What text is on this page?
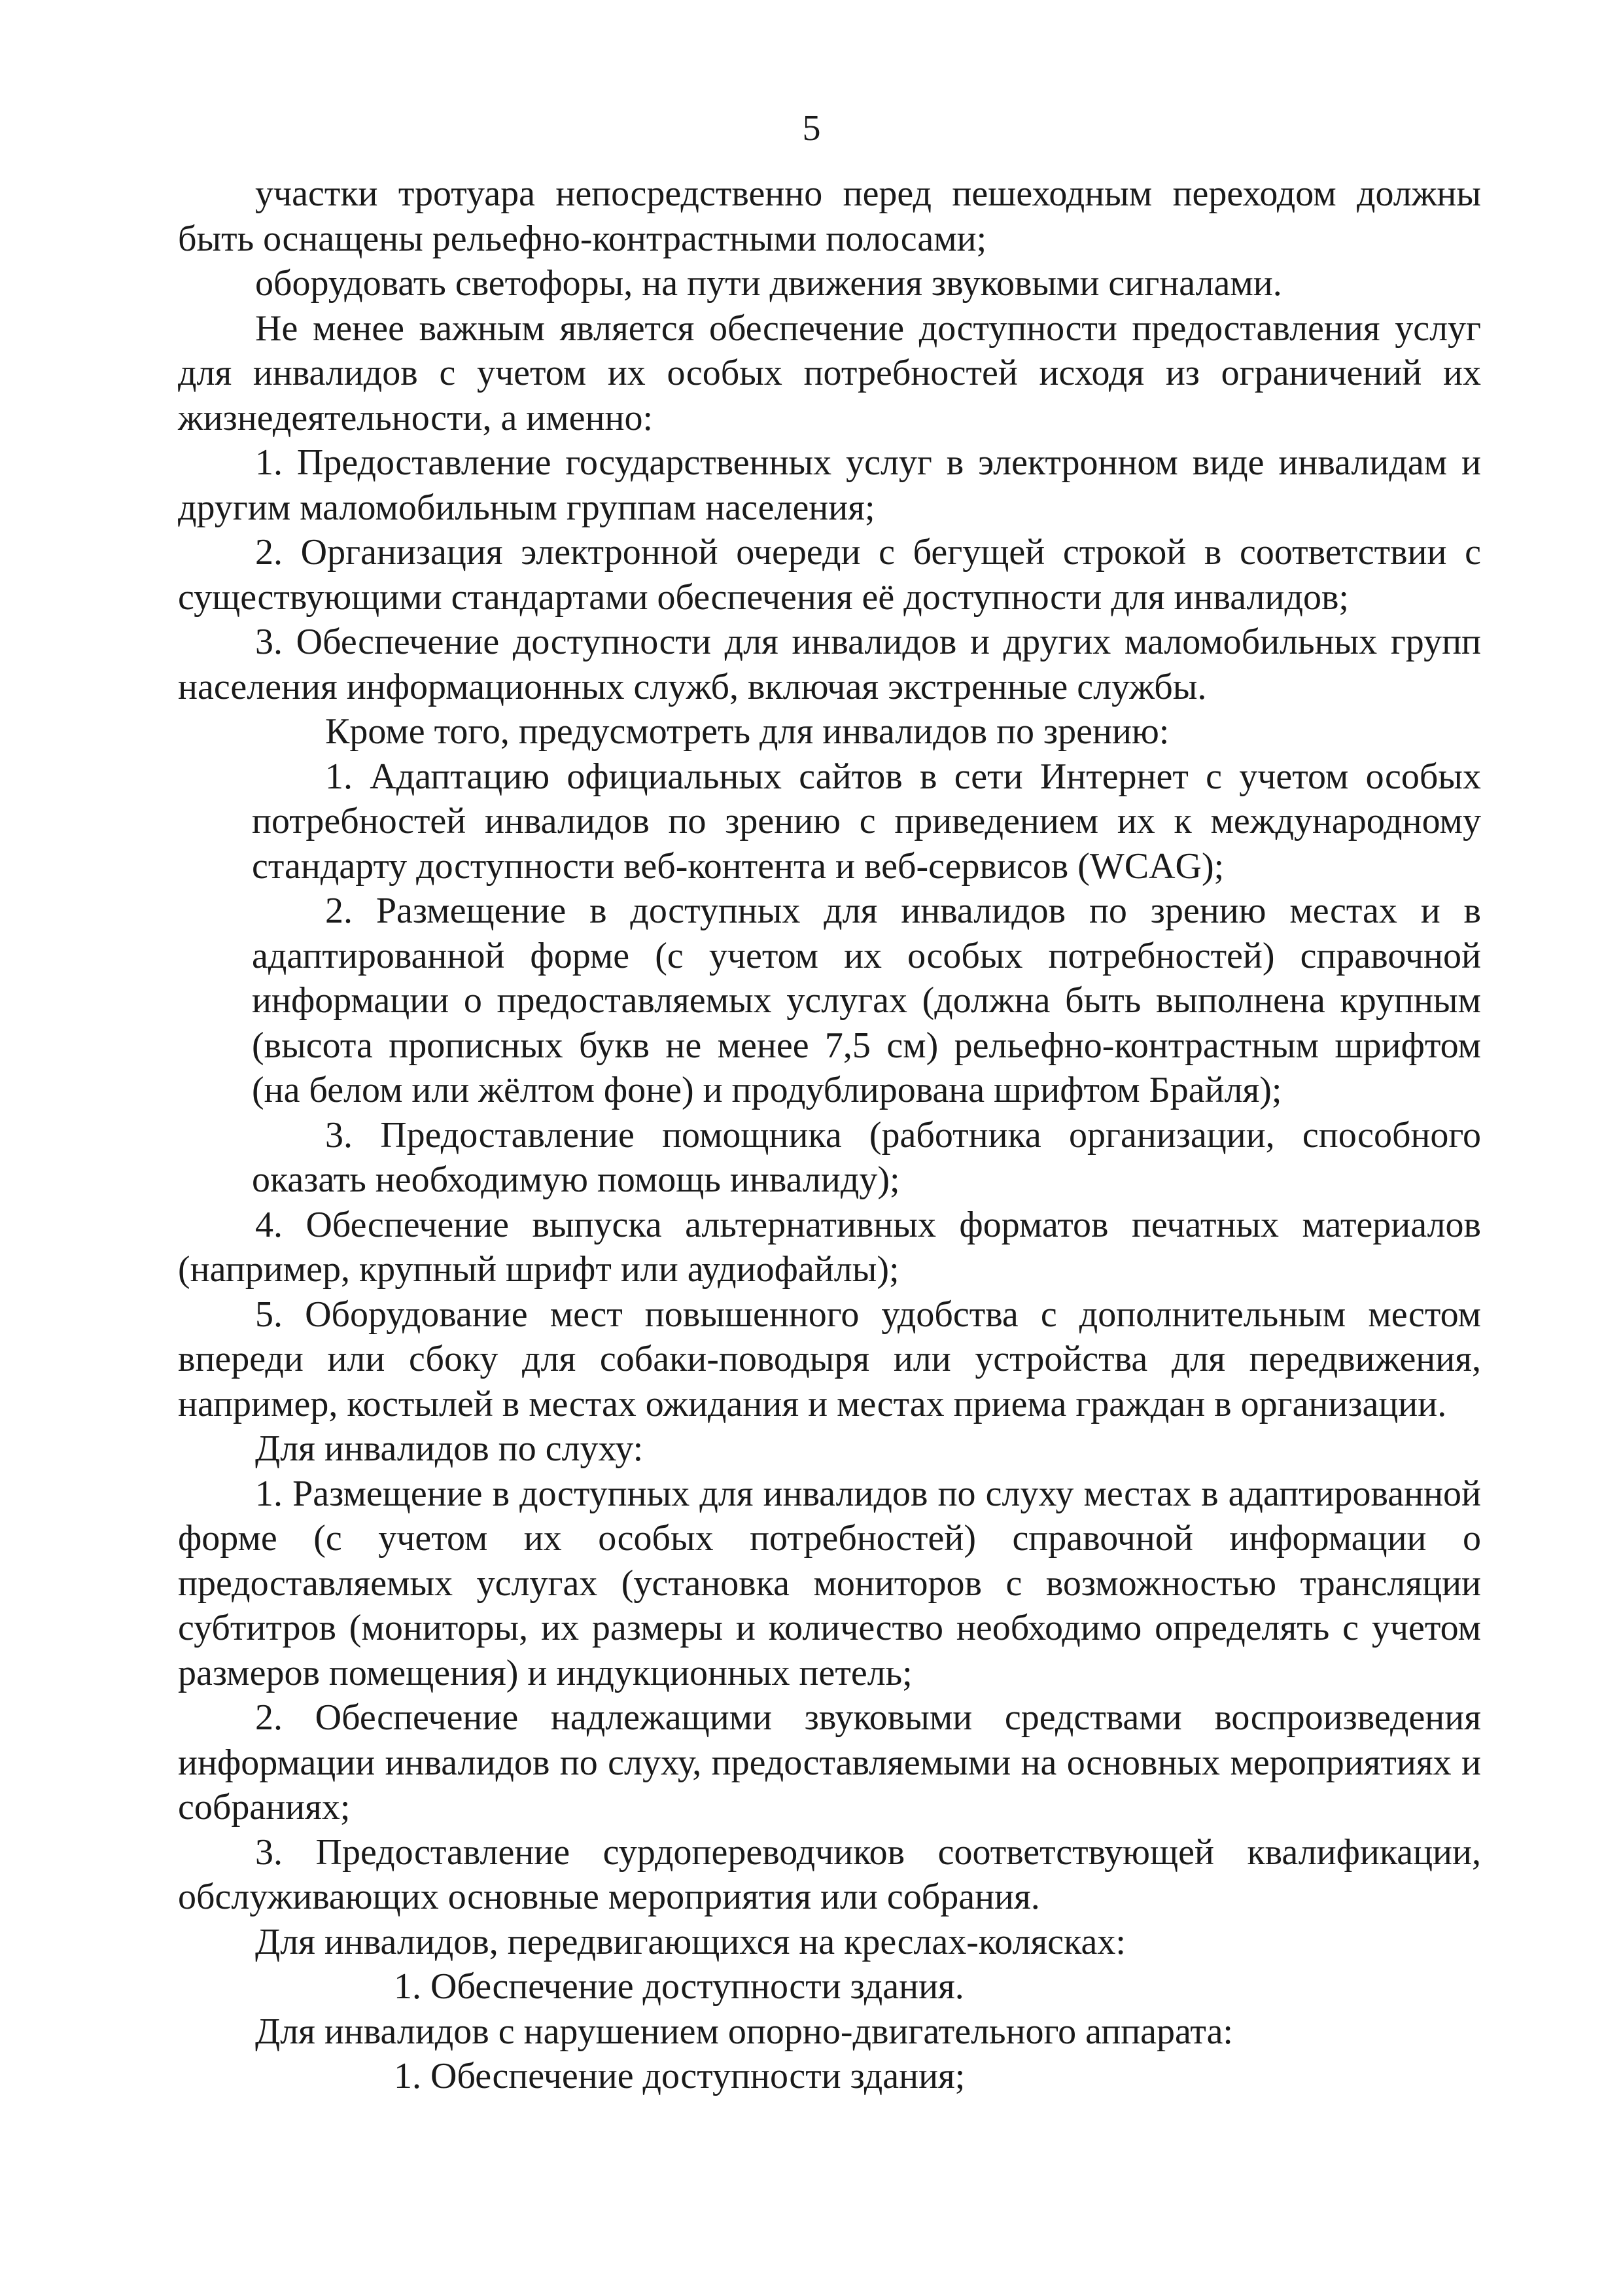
5

участки тротуара непосредственно перед пешеходным переходом должны быть оснащены рельефно-контрастными полосами;

оборудовать светофоры, на пути движения звуковыми сигналами.

Не менее важным является обеспечение доступности предоставления услуг для инвалидов с учетом их особых потребностей исходя из ограничений их жизнедеятельности, а именно:

1. Предоставление государственных услуг в электронном виде инвалидам и другим маломобильным группам населения;

2. Организация электронной очереди с бегущей строкой в соответствии с существующими стандартами обеспечения её доступности для инвалидов;

3. Обеспечение доступности для инвалидов и других маломобильных групп населения информационных служб, включая экстренные службы.

Кроме того, предусмотреть для инвалидов по зрению:

1. Адаптацию официальных сайтов в сети Интернет с учетом особых потребностей инвалидов по зрению с приведением их к международному стандарту доступности веб-контента и веб-сервисов (WCAG);

2. Размещение в доступных для инвалидов по зрению местах и в адаптированной форме (с учетом их особых потребностей) справочной информации о предоставляемых услугах (должна быть выполнена крупным (высота прописных букв не менее 7,5 см) рельефно-контрастным шрифтом (на белом или жёлтом фоне) и продублирована шрифтом Брайля);

3. Предоставление помощника (работника организации, способного оказать необходимую помощь инвалиду);

4. Обеспечение выпуска альтернативных форматов печатных материалов (например, крупный шрифт или аудиофайлы);

5. Оборудование мест повышенного удобства с дополнительным местом впереди или сбоку для собаки-поводыря или устройства для передвижения, например, костылей в местах ожидания и местах приема граждан в организации.

Для инвалидов по слуху:

1. Размещение в доступных для инвалидов по слуху местах в адаптированной форме (с учетом их особых потребностей) справочной информации о предоставляемых услугах (установка мониторов с возможностью трансляции субтитров (мониторы, их размеры и количество необходимо определять с учетом размеров помещения) и индукционных петель;

2. Обеспечение надлежащими звуковыми средствами воспроизведения информации инвалидов по слуху, предоставляемыми на основных мероприятиях и собраниях;

3. Предоставление сурдопереводчиков соответствующей квалификации, обслуживающих основные мероприятия или собрания.

Для инвалидов, передвигающихся на креслах-колясках:

1. Обеспечение доступности здания.

Для инвалидов с нарушением опорно-двигательного аппарата:

1. Обеспечение доступности здания;
